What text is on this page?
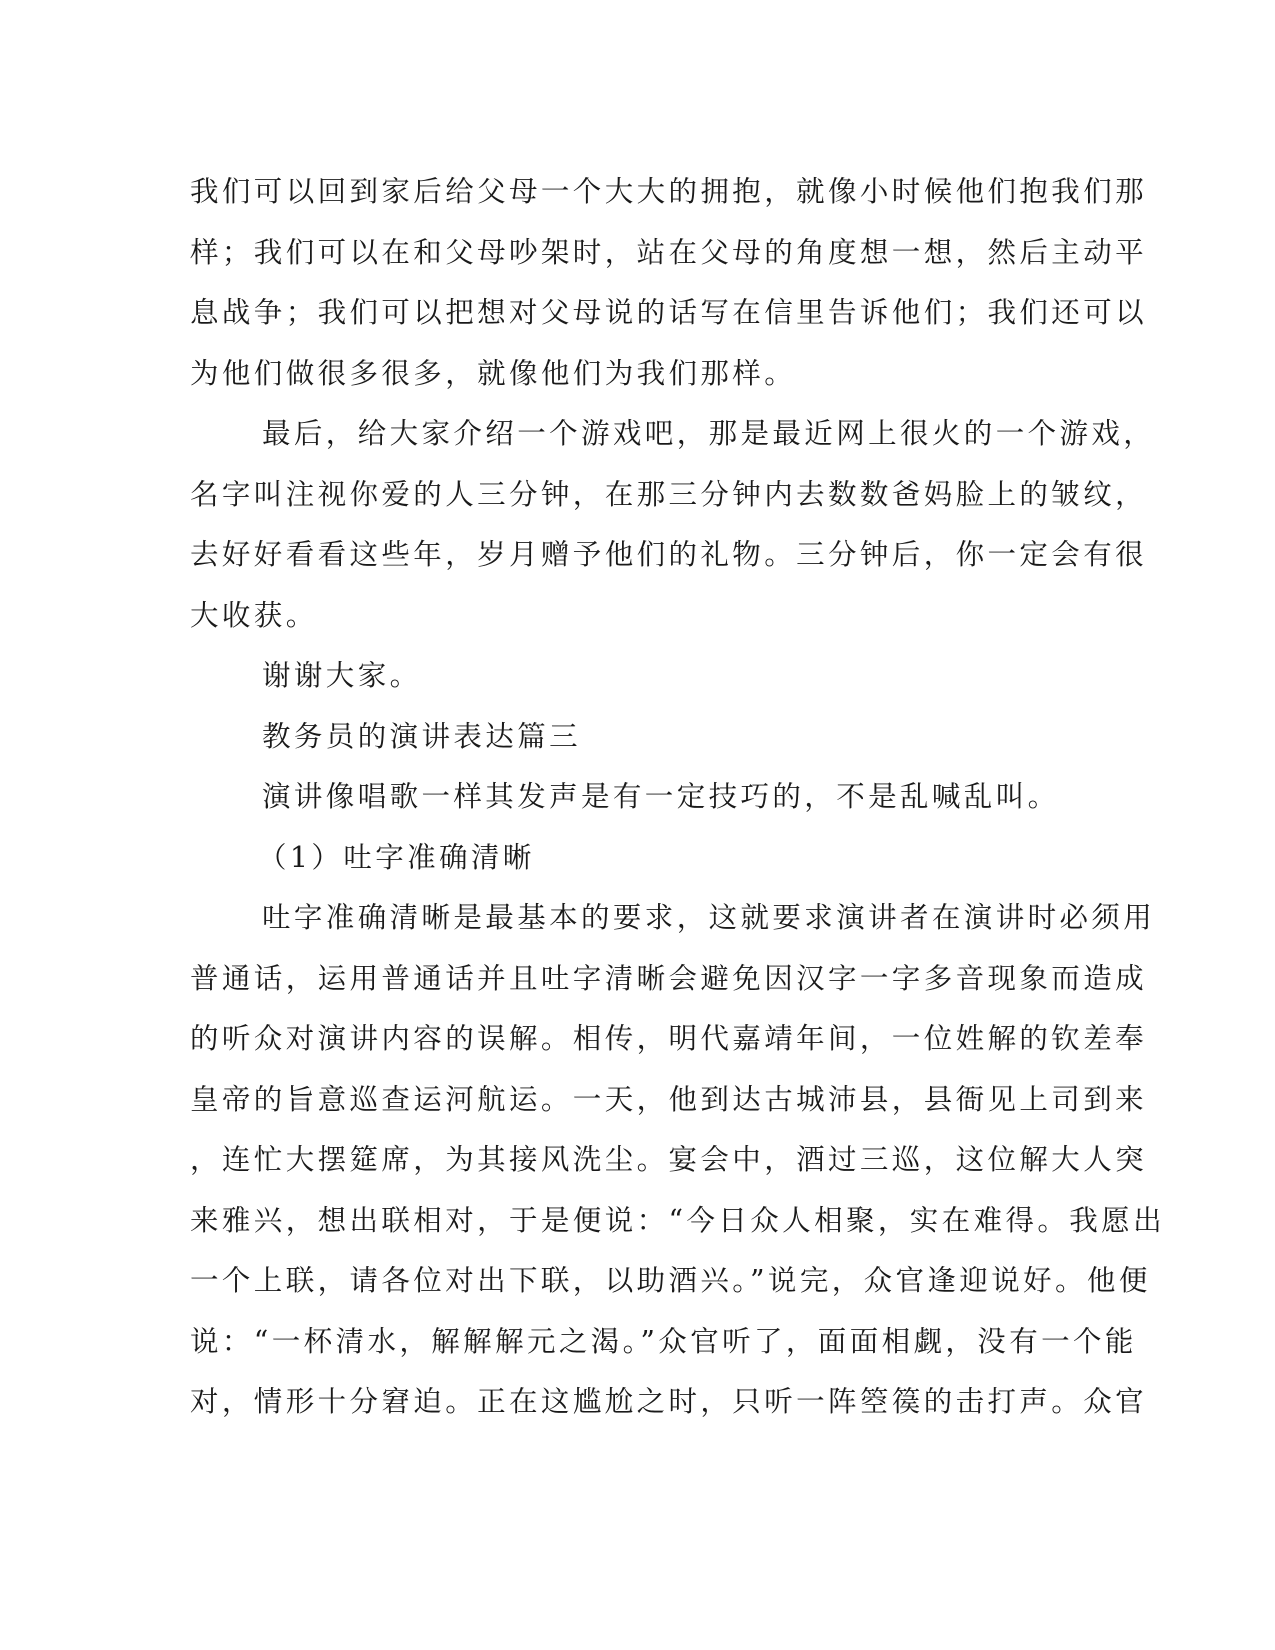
我们可以回到家后给父母一个大大的拥抱，就像小时候他们抱我们那
样；我们可以在和父母吵架时，站在父母的角度想一想，然后主动平
息战争；我们可以把想对父母说的话写在信里告诉他们；我们还可以
为他们做很多很多，就像他们为我们那样。
最后，给大家介绍一个游戏吧，那是最近网上很火的一个游戏，
名字叫注视你爱的人三分钟，在那三分钟内去数数爸妈脸上的皱纹，
去好好看看这些年，岁月赠予他们的礼物。三分钟后，你一定会有很
大收获。
谢谢大家。
教务员的演讲表达篇三
演讲像唱歌一样其发声是有一定技巧的，不是乱喊乱叫。
（1）吐字准确清晰
吐字准确清晰是最基本的要求，这就要求演讲者在演讲时必须用
普通话，运用普通话并且吐字清晰会避免因汉字一字多音现象而造成
的听众对演讲内容的误解。相传，明代嘉靖年间，一位姓解的钦差奉
皇帝的旨意巡查运河航运。一天，他到达古城沛县，县衙见上司到来
，连忙大摆筵席，为其接风洗尘。宴会中，酒过三巡，这位解大人突
来雅兴，想出联相对，于是便说：“今日众人相聚，实在难得。我愿出
一个上联，请各位对出下联，以助酒兴。”说完，众官逢迎说好。他便
说：“一杯清水，解解解元之渴。”众官听了，面面相觑，没有一个能
对，情形十分窘迫。正在这尴尬之时，只听一阵箜篌的击打声。众官
